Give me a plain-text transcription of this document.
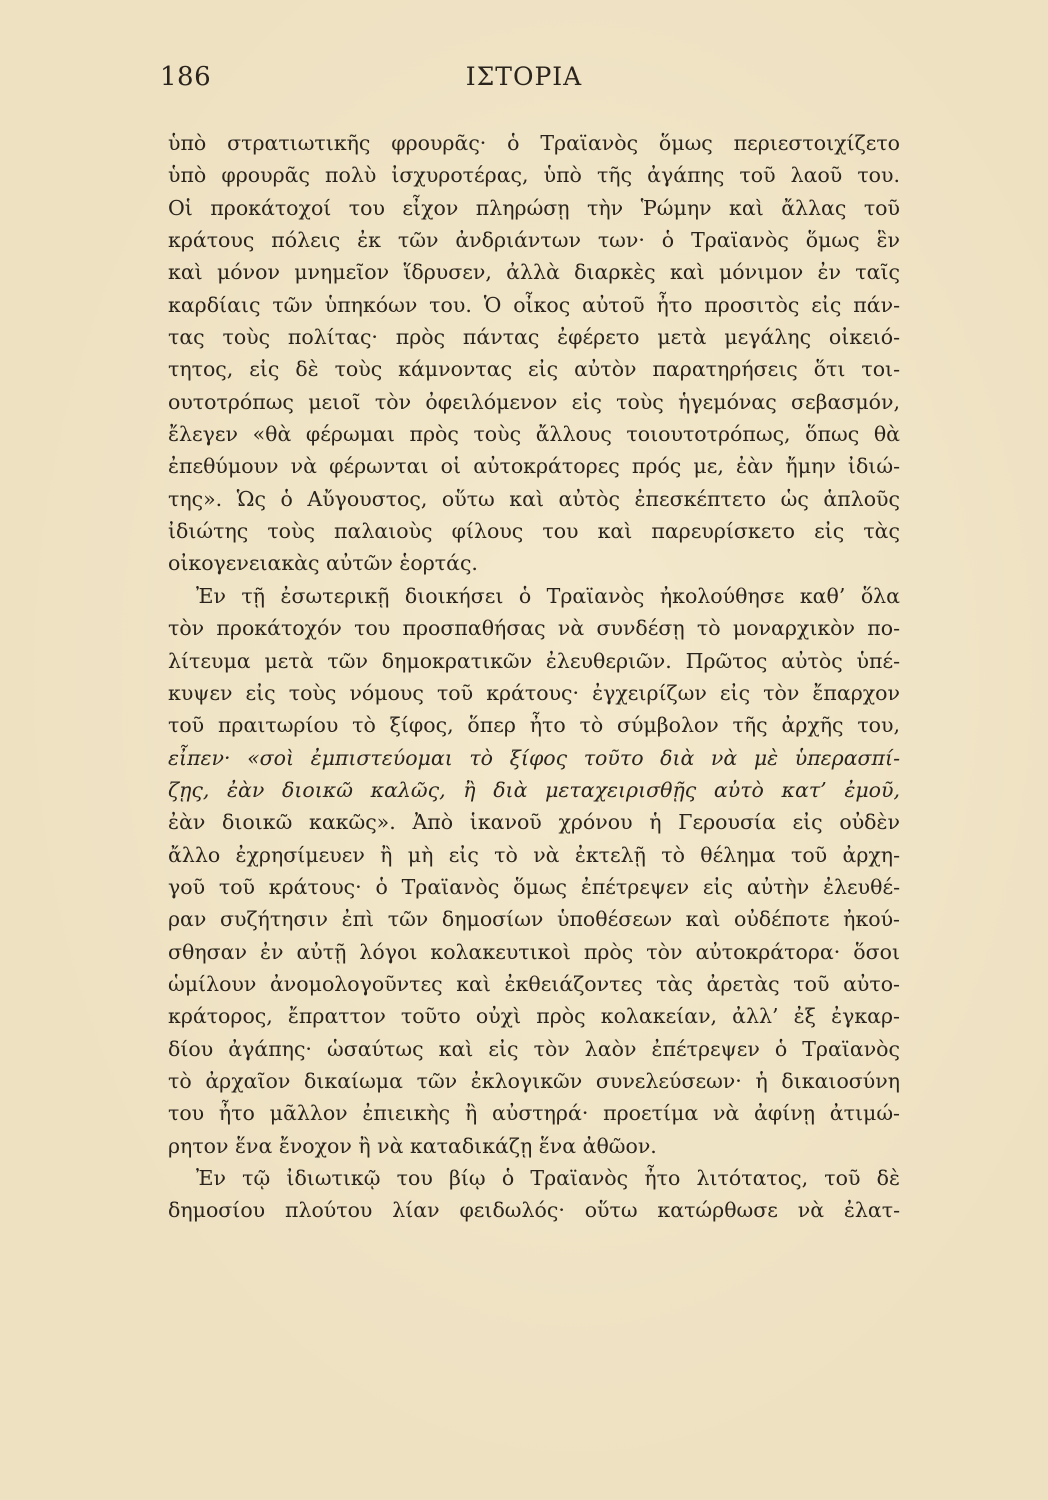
186	ΙΣΤΟΡΙΑ
ὑπὸ στρατιωτικῆς φρουρᾶς· ὁ Τραϊανὸς ὅμως περιεστοιχίζετο
ὑπὸ φρουρᾶς πολὺ ἰσχυροτέρας, ὑπὸ τῆς ἀγάπης τοῦ λαοῦ του.
Οἱ προκάτοχοί του εἶχον πληρώσῃ τὴν Ῥώμην καὶ ἄλλας τοῦ
κράτους πόλεις ἐκ τῶν ἀνδριάντων των· ὁ Τραϊανὸς ὅμως ἓν
καὶ μόνον μνημεῖον ἵδρυσεν, ἀλλὰ διαρκὲς καὶ μόνιμον ἐν ταῖς
καρδίαις τῶν ὑπηκόων του. Ὁ οἶκος αὐτοῦ ἦτο προσιτὸς εἰς πάν-
τας τοὺς πολίτας· πρὸς πάντας ἐφέρετο μετὰ μεγάλης οἰκειό-
τητος, εἰς δὲ τοὺς κάμνοντας εἰς αὐτὸν παρατηρήσεις ὅτι τοι-
ουτοτρόπως μειοῖ τὸν ὀφειλόμενον εἰς τοὺς ἡγεμόνας σεβασμόν,
ἔλεγεν «θὰ φέρωμαι πρὸς τοὺς ἄλλους τοιουτοτρόπως, ὅπως θὰ
ἐπεθύμουν νὰ φέρωνται οἱ αὐτοκράτορες πρός με, ἐὰν ἤμην ἰδιώ-
της». Ὡς ὁ Αὔγουστος, οὕτω καὶ αὐτὸς ἐπεσκέπτετο ὡς ἁπλοῦς
ἰδιώτης τοὺς παλαιοὺς φίλους του καὶ παρευρίσκετο εἰς τὰς
οἰκογενειακὰς αὐτῶν ἑορτάς.
Ἐν τῇ ἐσωτερικῇ διοικήσει ὁ Τραϊανὸς ἠκολούθησε καθ’ ὅλα
τὸν προκάτοχόν του προσπαθήσας νὰ συνδέσῃ τὸ μοναρχικὸν πο-
λίτευμα μετὰ τῶν δημοκρατικῶν ἐλευθεριῶν. Πρῶτος αὐτὸς ὑπέ-
κυψεν εἰς τοὺς νόμους τοῦ κράτους· ἐγχειρίζων εἰς τὸν ἔπαρχον
τοῦ πραιτωρίου τὸ ξίφος, ὅπερ ἦτο τὸ σύμβολον τῆς ἀρχῆς του,
εἶπεν· «σοὶ ἐμπιστεύομαι τὸ ξίφος τοῦτο διὰ νὰ μὲ ὑπερασπί-
ζῃς, ἐὰν διοικῶ καλῶς, ἢ διὰ μεταχειρισθῇς αὐτὸ κατ’ ἐμοῦ,
ἐὰν διοικῶ κακῶς». Ἀπὸ ἱκανοῦ χρόνου ἡ Γερουσία εἰς οὐδὲν
ἄλλο ἐχρησίμευεν ἢ μὴ εἰς τὸ νὰ ἐκτελῇ τὸ θέλημα τοῦ ἀρχη-
γοῦ τοῦ κράτους· ὁ Τραϊανὸς ὅμως ἐπέτρεψεν εἰς αὐτὴν ἐλευθέ-
ραν συζήτησιν ἐπὶ τῶν δημοσίων ὑποθέσεων καὶ οὐδέποτε ἠκού-
σθησαν ἐν αὐτῇ λόγοι κολακευτικοὶ πρὸς τὸν αὐτοκράτορα· ὅσοι
ὡμίλουν ἀνομολογοῦντες καὶ ἐκθειάζοντες τὰς ἀρετὰς τοῦ αὐτο-
κράτορος, ἔπραττον τοῦτο οὐχὶ πρὸς κολακείαν, ἀλλ’ ἐξ ἐγκαρ-
δίου ἀγάπης· ὡσαύτως καὶ εἰς τὸν λαὸν ἐπέτρεψεν ὁ Τραϊανὸς
τὸ ἀρχαῖον δικαίωμα τῶν ἐκλογικῶν συνελεύσεων· ἡ δικαιοσύνη
του ἦτο μᾶλλον ἐπιεικὴς ἢ αὐστηρά· προετίμα νὰ ἀφίνῃ ἀτιμώ-
ρητον ἕνα ἔνοχον ἢ νὰ καταδικάζῃ ἕνα ἀθῶον.
Ἐν τῷ ἰδιωτικῷ του βίῳ ὁ Τραϊανὸς ἦτο λιτότατος, τοῦ δὲ
δημοσίου πλούτου λίαν φειδωλός· οὕτω κατώρθωσε νὰ ἐλατ-
